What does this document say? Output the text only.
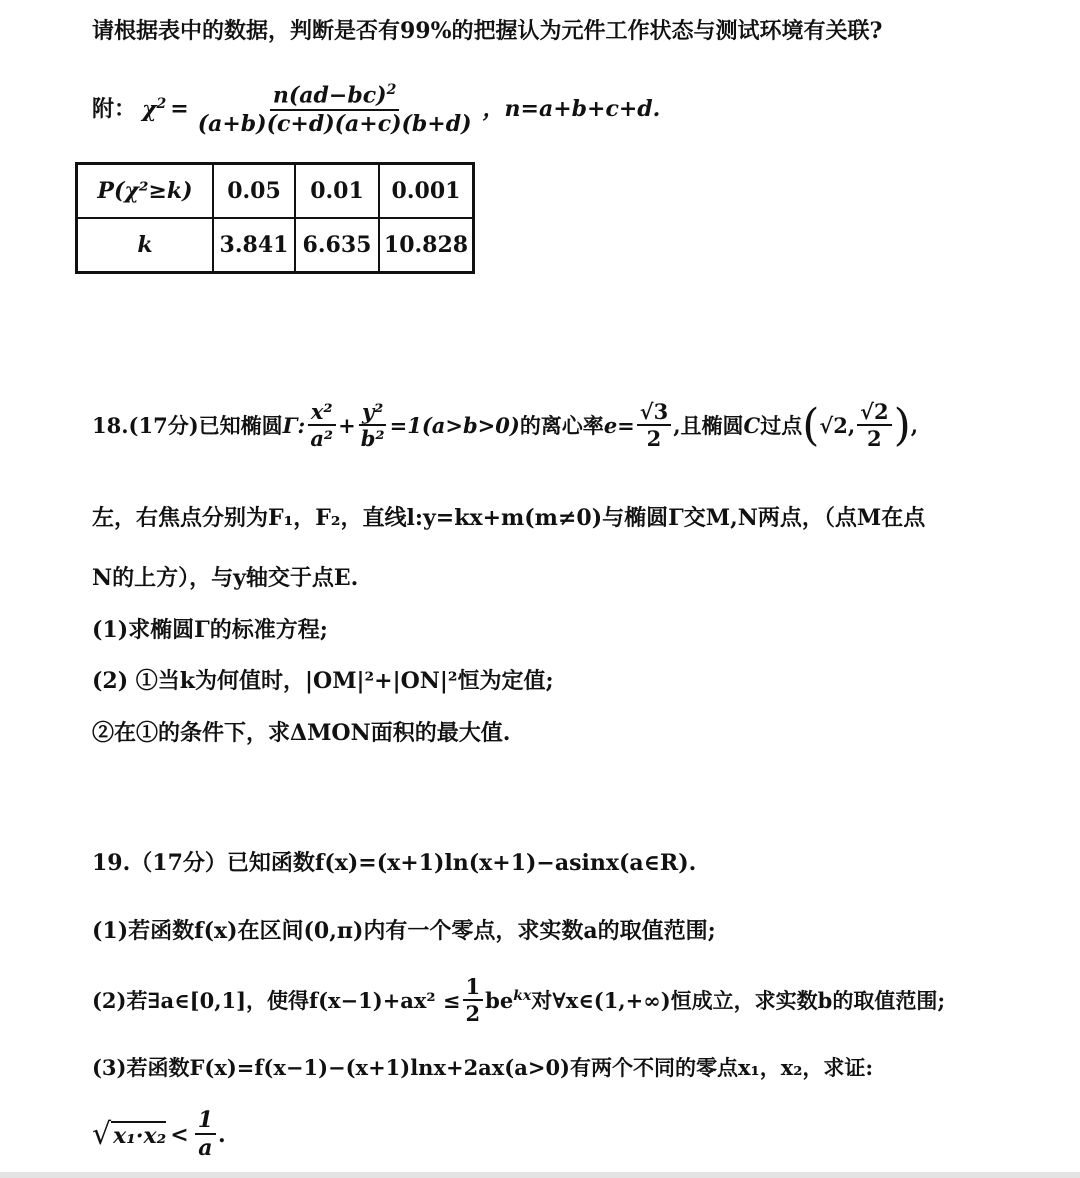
请根据表中的数据，判断是否有99%的把握认为元件工作状态与测试环境有关联?
附： $\chi^2 = \frac{n(ad-bc)^2}{(a+b)(c+d)(a+c)(b+d)}$ ，n=a+b+c+d.
P(χ²≥k)	0.05	0.01	0.001
k	3.841	6.635	10.828
18.(17分)已知椭圆 Γ: $\frac{\text{x²}}{\text{a²}} + \frac{\text{y²}}{\text{b²}} =1(a>b>0)$ 的离心率 $e= \frac{√3}{2}$ ,且椭圆 C 过点 ( √2, $\frac{√2}{2}$ ) ,
左，右焦点分别为F₁，F₂，直线l:y=kx+m(m≠0)与椭圆Γ交M,N两点，（点M在点
N的上方），与y轴交于点E.
(1)求椭圆Γ的标准方程;
(2) ①当k为何值时，|OM|²+|ON|²恒为定值;
②在①的条件下，求ΔMON面积的最大值.
19.（17分）已知函数f(x)=(x+1)ln(x+1)−asinx(a∈R).
(1)若函数f(x)在区间(0,π)内有一个零点，求实数a的取值范围;
(2)若∃a∈[0,1]，使得$f(x-1)+ax^2 \le \frac{1}{2} be^{kx}$ 对∀x∈(1,+∞)恒成立，求实数b的取值范围;
(3)若函数F(x)=f(x−1)−(x+1)lnx+2ax(a>0)有两个不同的零点x₁，x₂，求证:
√ $x_1\cdot x_2 < \frac{1}{a}$ .
